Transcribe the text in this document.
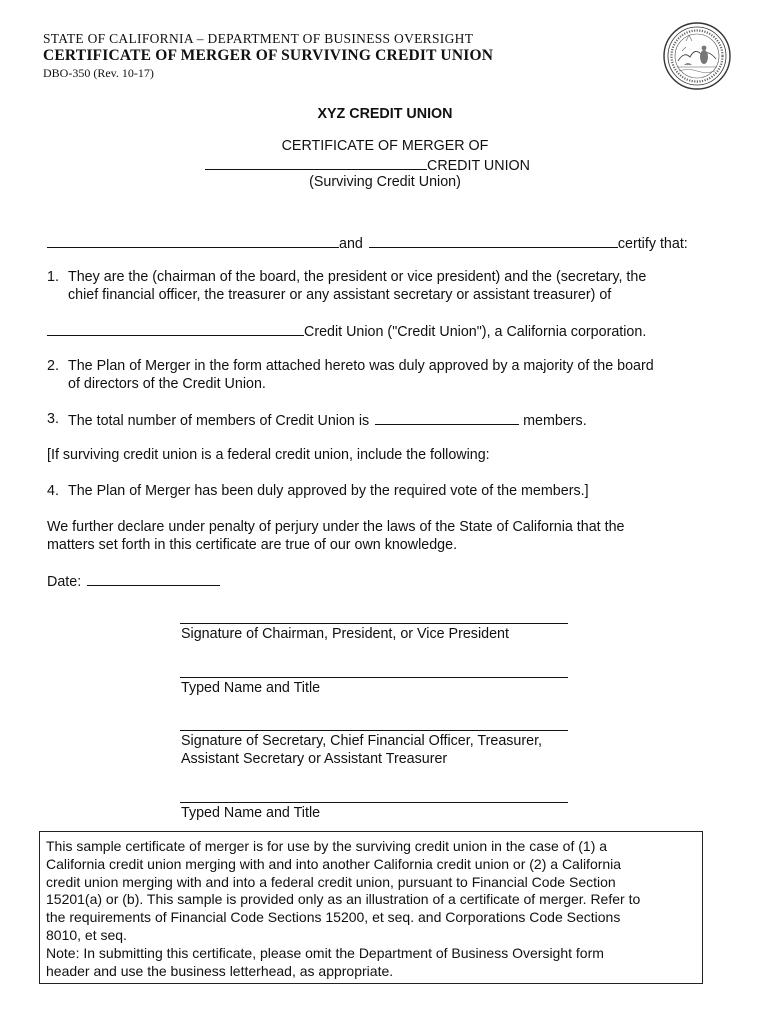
STATE OF CALIFORNIA – DEPARTMENT OF BUSINESS OVERSIGHT
CERTIFICATE OF MERGER OF SURVIVING CREDIT UNION
DBO-350 (Rev. 10-17)
XYZ CREDIT UNION
CERTIFICATE OF MERGER OF
CREDIT UNION
(Surviving Credit Union)
and	certify that:
1. They are the (chairman of the board, the president or vice president) and the (secretary, the
chief financial officer, the treasurer or any assistant secretary or assistant treasurer) of
Credit Union ("Credit Union"), a California corporation.
2. The Plan of Merger in the form attached hereto was duly approved by a majority of the board
of directors of the Credit Union.
3. The total number of members of Credit Union is	members.
[If surviving credit union is a federal credit union, include the following:
4. The Plan of Merger has been duly approved by the required vote of the members.]
We further declare under penalty of perjury under the laws of the State of California that the
matters set forth in this certificate are true of our own knowledge.
Date:
Signature of Chairman, President, or Vice President
Typed Name and Title
Signature of Secretary, Chief Financial Officer, Treasurer,
Assistant Secretary or Assistant Treasurer
Typed Name and Title

This sample certificate of merger is for use by the surviving credit union in the case of (1) a

California credit union merging with and into another California credit union or (2) a California

credit union merging with and into a federal credit union, pursuant to Financial Code Section

15201(a) or (b). This sample is provided only as an illustration of a certificate of merger. Refer to

the requirements of Financial Code Sections 15200, et seq. and Corporations Code Sections

8010, et seq.

Note: In submitting this certificate, please omit the Department of Business Oversight form

header and use the business letterhead, as appropriate.
